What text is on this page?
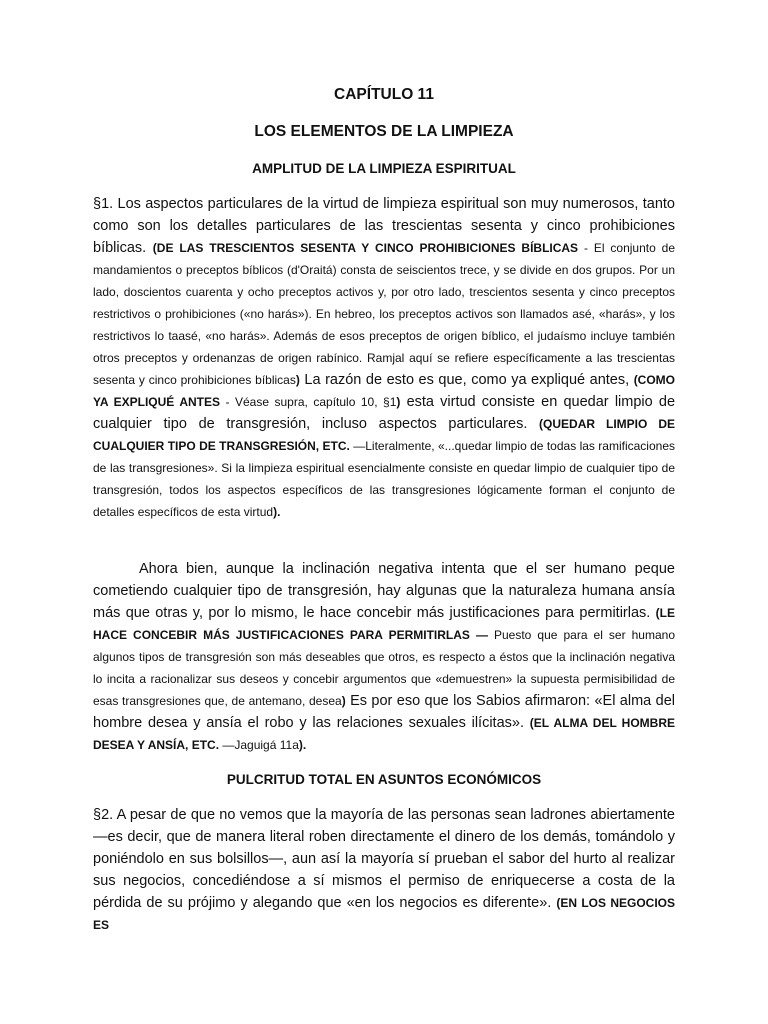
CAPÍTULO 11

LOS ELEMENTOS DE LA LIMPIEZA

AMPLITUD DE LA LIMPIEZA ESPIRITUAL

§1. Los aspectos particulares de la virtud de limpieza espiritual son muy numerosos, tanto como son los detalles particulares de las trescientas sesenta y cinco prohibiciones bíblicas. (DE LAS TRESCIENTOS SESENTA Y CINCO PROHIBICIONES BÍBLICAS - El conjunto de mandamientos o preceptos bíblicos (d'Oraitá) consta de seiscientos trece, y se divide en dos grupos. Por un lado, doscientos cuarenta y ocho preceptos activos y, por otro lado, trescientos sesenta y cinco preceptos restrictivos o prohibiciones («no harás»). En hebreo, los preceptos activos son llamados asé, «harás», y los restrictivos lo taasé, «no harás». Además de esos preceptos de origen bíblico, el judaísmo incluye también otros preceptos y ordenanzas de origen rabínico. Ramjal aquí se refiere específicamente a las trescientas sesenta y cinco prohibiciones bíblicas) La razón de esto es que, como ya expliqué antes, (COMO YA EXPLIQUÉ ANTES - Véase supra, capítulo 10, §1) esta virtud consiste en quedar limpio de cualquier tipo de transgresión, incluso aspectos particulares. (QUEDAR LIMPIO DE CUALQUIER TIPO DE TRANSGRESIÓN, ETC. —Literalmente, «...quedar limpio de todas las ramificaciones de las transgresiones». Si la limpieza espiritual esencialmente consiste en quedar limpio de cualquier tipo de transgresión, todos los aspectos específicos de las transgresiones lógicamente forman el conjunto de detalles específicos de esta virtud).

Ahora bien, aunque la inclinación negativa intenta que el ser humano peque cometiendo cualquier tipo de transgresión, hay algunas que la naturaleza humana ansía más que otras y, por lo mismo, le hace concebir más justificaciones para permitirlas. (LE HACE CONCEBIR MÁS JUSTIFICACIONES PARA PERMITIRLAS — Puesto que para el ser humano algunos tipos de transgresión son más deseables que otros, es respecto a éstos que la inclinación negativa lo incita a racionalizar sus deseos y concebir argumentos que «demuestren» la supuesta permisibilidad de esas transgresiones que, de antemano, desea) Es por eso que los Sabios afirmaron: «El alma del hombre desea y ansía el robo y las relaciones sexuales ilícitas». (EL ALMA DEL HOMBRE DESEA Y ANSÍA, ETC. —Jaguigá 11a).

PULCRITUD TOTAL EN ASUNTOS ECONÓMICOS

§2. A pesar de que no vemos que la mayoría de las personas sean ladrones abiertamente —es decir, que de manera literal roben directamente el dinero de los demás, tomándolo y poniéndolo en sus bolsillos—, aun así la mayoría sí prueban el sabor del hurto al realizar sus negocios, concediéndose a sí mismos el permiso de enriquecerse a costa de la pérdida de su prójimo y alegando que «en los negocios es diferente». (EN LOS NEGOCIOS ES
